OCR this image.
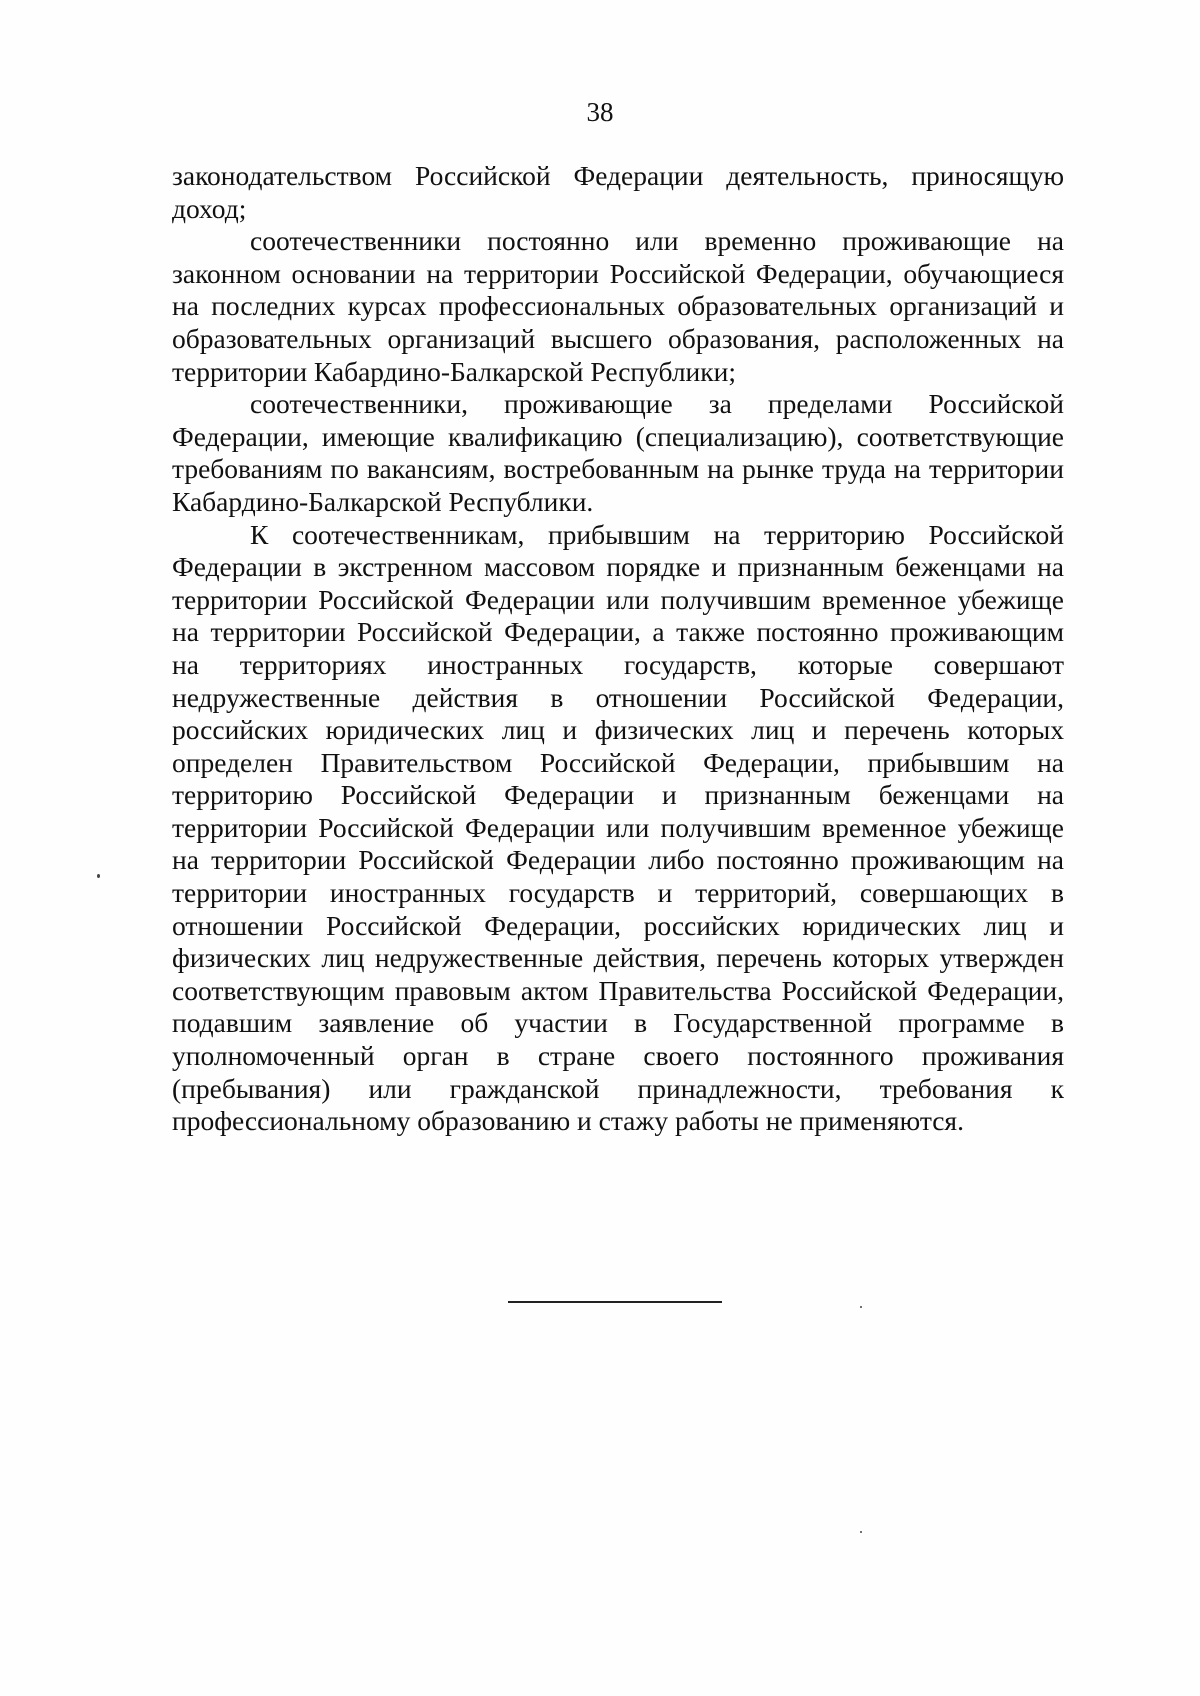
38

законодательством Российской Федерации деятельность, приносящую доход;

соотечественники постоянно или временно проживающие на законном основании на территории Российской Федерации, обучающиеся на последних курсах профессиональных образовательных организаций и образовательных организаций высшего образования, расположенных на территории Кабардино-Балкарской Республики;

соотечественники, проживающие за пределами Российской Федерации, имеющие квалификацию (специализацию), соответствующие требованиям по вакансиям, востребованным на рынке труда на территории Кабардино-Балкарской Республики.

К соотечественникам, прибывшим на территорию Российской Федерации в экстренном массовом порядке и признанным беженцами на территории Российской Федерации или получившим временное убежище на территории Российской Федерации, а также постоянно проживающим на территориях иностранных государств, которые совершают недружественные действия в отношении Российской Федерации, российских юридических лиц и физических лиц и перечень которых определен Правительством Российской Федерации, прибывшим на территорию Российской Федерации и признанным беженцами на территории Российской Федерации или получившим временное убежище на территории Российской Федерации либо постоянно проживающим на территории иностранных государств и территорий, совершающих в отношении Российской Федерации, российских юридических лиц и физических лиц недружественные действия, перечень которых утвержден соответствующим правовым актом Правительства Российской Федерации, подавшим заявление об участии в Государственной программе в уполномоченный орган в стране своего постоянного проживания (пребывания) или гражданской принадлежности, требования к профессиональному образованию и стажу работы не применяются.
